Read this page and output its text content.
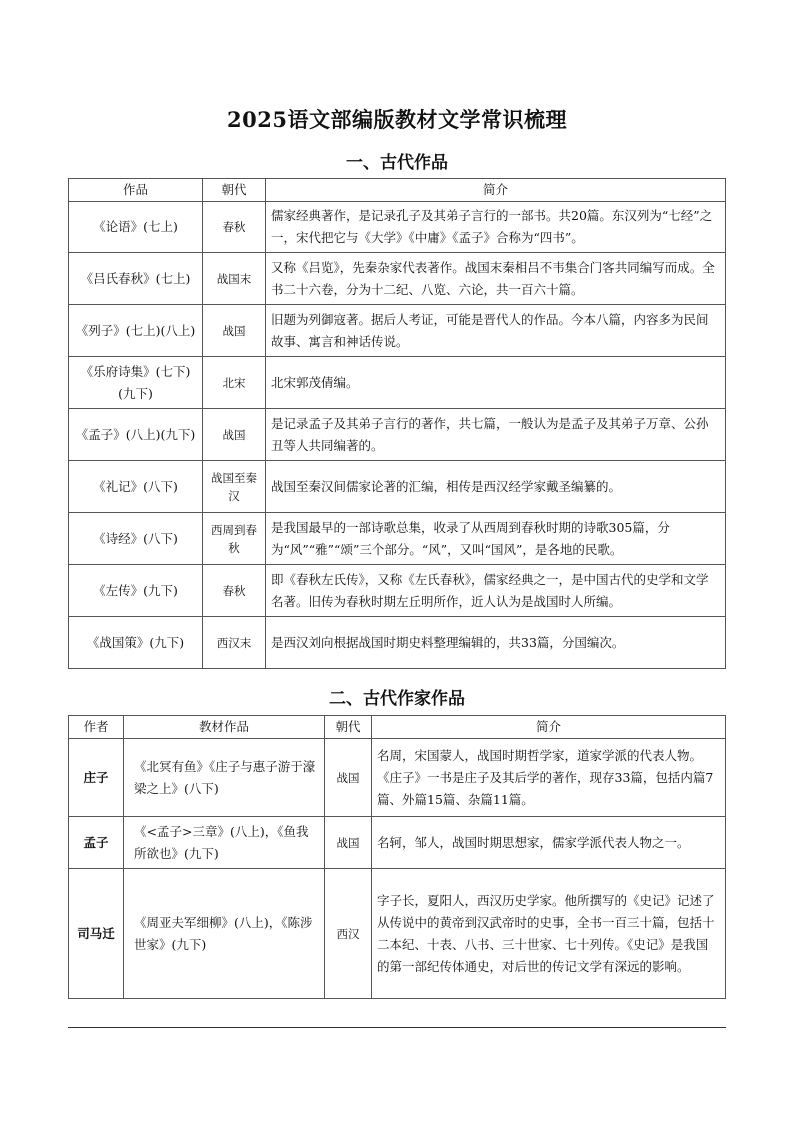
2025语文部编版教材文学常识梳理
一、古代作品
作品	朝代	简介
《论语》(七上)	春秋	儒家经典著作，是记录孔子及其弟子言行的一部书。共20篇。东汉列为“七经”之一，宋代把它与《大学》《中庸》《孟子》合称为“四书”。
《吕氏春秋》(七上)	战国末	又称《吕览》，先秦杂家代表著作。战国末秦相吕不韦集合门客共同编写而成。全书二十六卷，分为十二纪、八览、六论，共一百六十篇。
《列子》(七上)(八上)	战国	旧题为列御寇著。据后人考证，可能是晋代人的作品。今本八篇，内容多为民间故事、寓言和神话传说。
《乐府诗集》(七下)(九下)	北宋	北宋郭茂倩编。
《孟子》(八上)(九下)	战国	是记录孟子及其弟子言行的著作，共七篇，一般认为是孟子及其弟子万章、公孙丑等人共同编著的。
《礼记》(八下)	战国至秦汉	战国至秦汉间儒家论著的汇编，相传是西汉经学家戴圣编纂的。
《诗经》(八下)	西周到春秋	是我国最早的一部诗歌总集，收录了从西周到春秋时期的诗歌305篇，分为“风”“雅”“颂”三个部分。“风”，又叫“国风”，是各地的民歌。
《左传》(九下)	春秋	即《春秋左氏传》，又称《左氏春秋》，儒家经典之一，是中国古代的史学和文学名著。旧传为春秋时期左丘明所作，近人认为是战国时人所编。
《战国策》(九下)	西汉末	是西汉刘向根据战国时期史料整理编辑的，共33篇，分国编次。
二、古代作家作品
作者	教材作品	朝代	简介
庄子	《北冥有鱼》《庄子与惠子游于濠梁之上》(八下)	战国	名周，宋国蒙人，战国时期哲学家，道家学派的代表人物。《庄子》一书是庄子及其后学的著作，现存33篇，包括内篇7篇、外篇15篇、杂篇11篇。
孟子	《<孟子>三章》(八上)，《鱼我所欲也》(九下)	战国	名轲，邹人，战国时期思想家，儒家学派代表人物之一。
司马迁	《周亚夫军细柳》(八上)，《陈涉世家》(九下)	西汉	字子长，夏阳人，西汉历史学家。他所撰写的《史记》记述了从传说中的黄帝到汉武帝时的史事，全书一百三十篇，包括十二本纪、十表、八书、三十世家、七十列传。《史记》是我国的第一部纪传体通史，对后世的传记文学有深远的影响。
